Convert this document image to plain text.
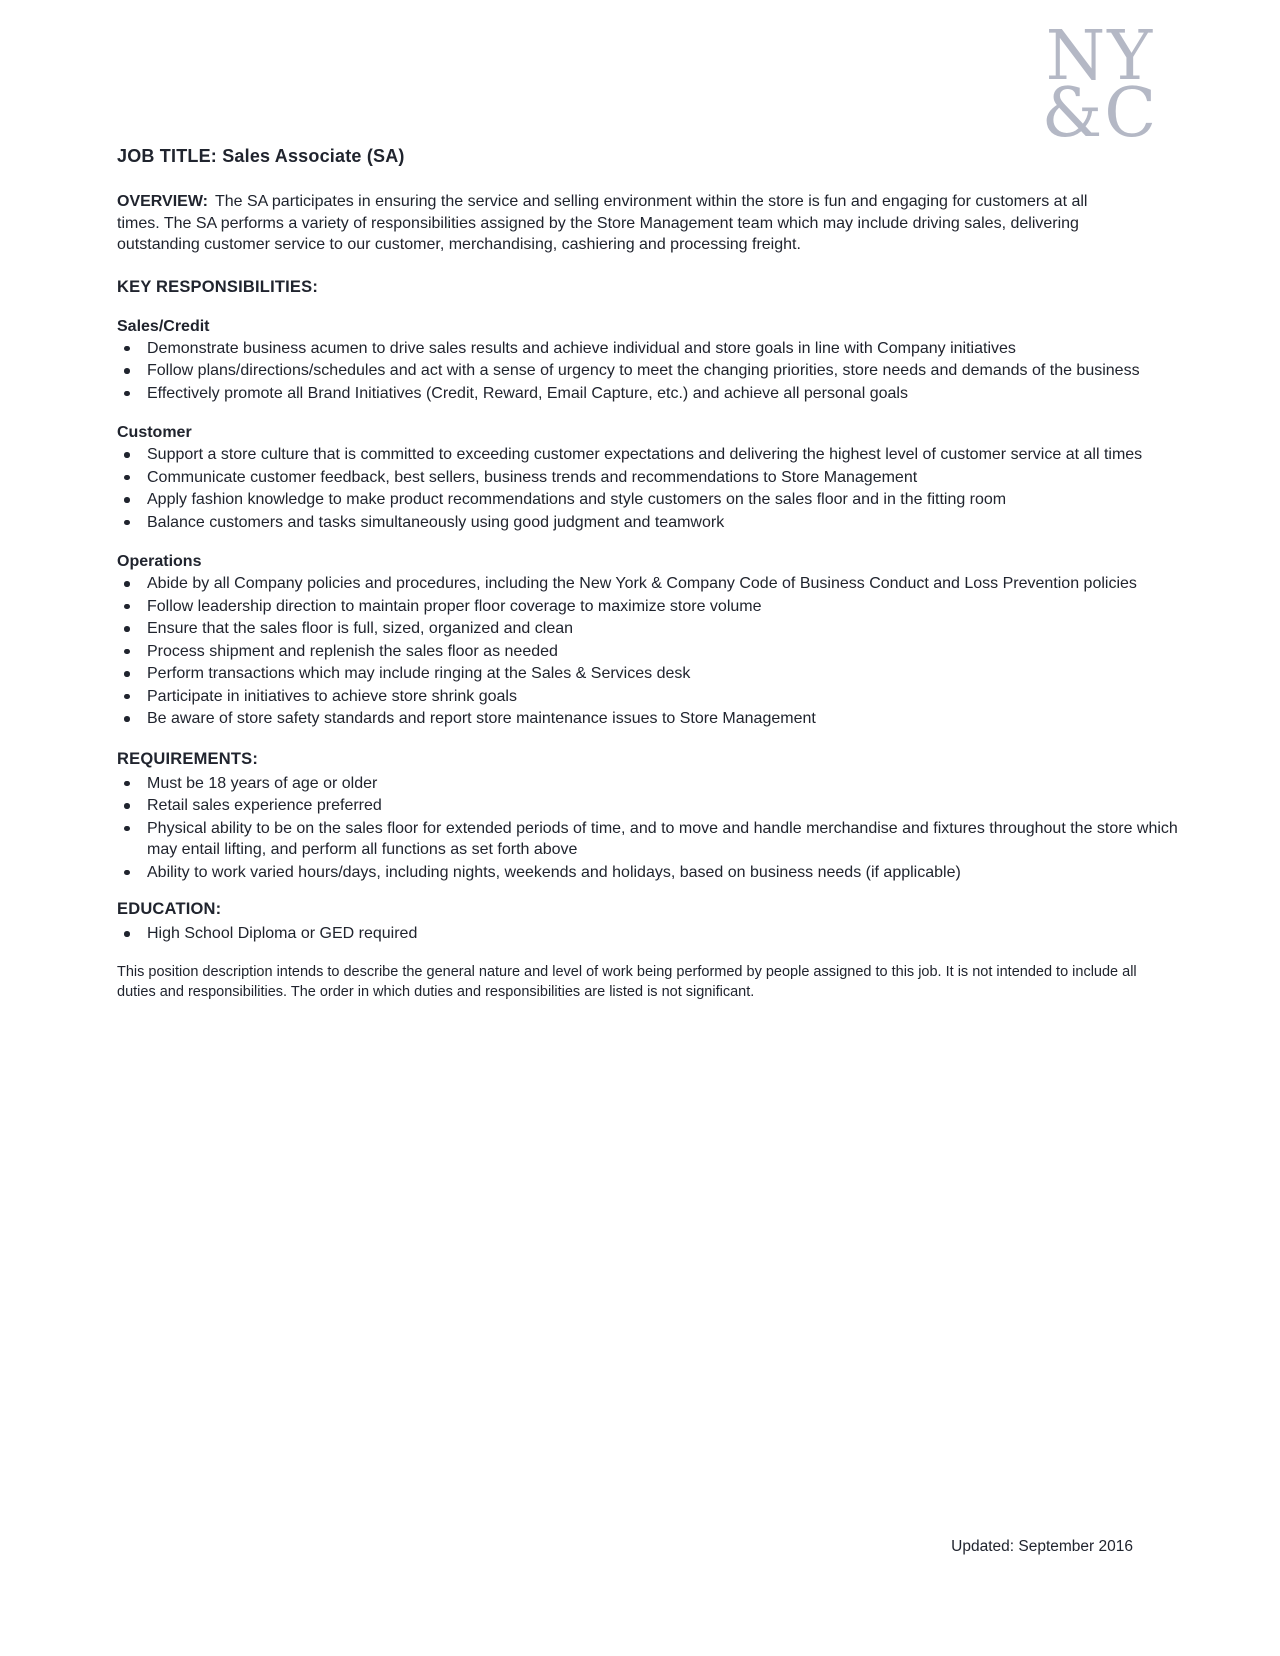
NY
&C
JOB TITLE: Sales Associate (SA)

OVERVIEW: The SA participates in ensuring the service and selling environment within the store is fun and engaging for customers at all times. The SA performs a variety of responsibilities assigned by the Store Management team which may include driving sales, delivering outstanding customer service to our customer, merchandising, cashiering and processing freight.

KEY RESPONSIBILITIES:
Sales/Credit
Demonstrate business acumen to drive sales results and achieve individual and store goals in line with Company initiatives
Follow plans/directions/schedules and act with a sense of urgency to meet the changing priorities, store needs and demands of the business
Effectively promote all Brand Initiatives (Credit, Reward, Email Capture, etc.) and achieve all personal goals
Customer
Support a store culture that is committed to exceeding customer expectations and delivering the highest level of customer service at all times
Communicate customer feedback, best sellers, business trends and recommendations to Store Management
Apply fashion knowledge to make product recommendations and style customers on the sales floor and in the fitting room
Balance customers and tasks simultaneously using good judgment and teamwork
Operations
Abide by all Company policies and procedures, including the New York & Company Code of Business Conduct and Loss Prevention policies
Follow leadership direction to maintain proper floor coverage to maximize store volume
Ensure that the sales floor is full, sized, organized and clean
Process shipment and replenish the sales floor as needed
Perform transactions which may include ringing at the Sales & Services desk
Participate in initiatives to achieve store shrink goals
Be aware of store safety standards and report store maintenance issues to Store Management
REQUIREMENTS:
Must be 18 years of age or older
Retail sales experience preferred
Physical ability to be on the sales floor for extended periods of time, and to move and handle merchandise and fixtures throughout the store which may entail lifting, and perform all functions as set forth above
Ability to work varied hours/days, including nights, weekends and holidays, based on business needs (if applicable)
EDUCATION:
High School Diploma or GED required

This position description intends to describe the general nature and level of work being performed by people assigned to this job. It is not intended to include all duties and responsibilities. The order in which duties and responsibilities are listed is not significant.

Updated: September 2016
